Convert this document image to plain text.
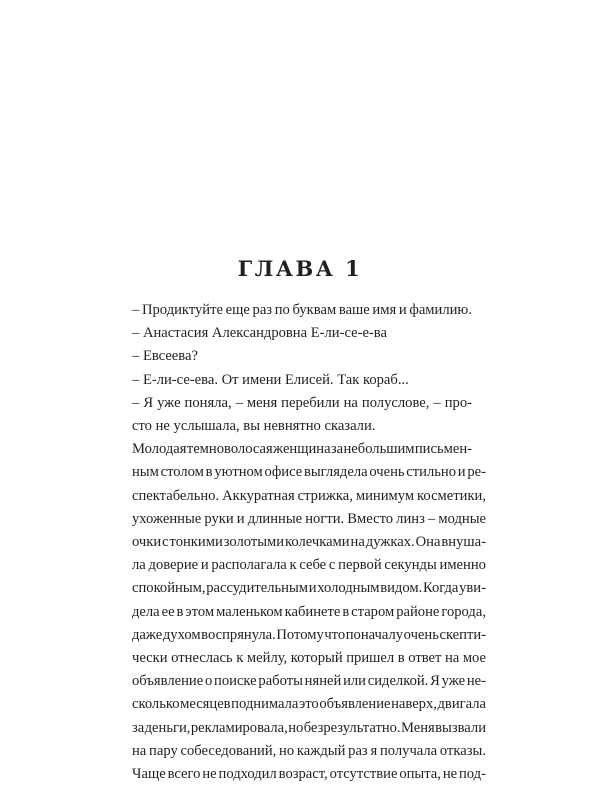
ГЛАВА 1

– Продиктуйте еще раз по буквам ваше имя и фамилию.

– Анастасия Александровна Е-ли-се-е-ва

– Евсеева?

– Е-ли-се-ева. От имени Елисей. Так кораб...

– Я уже поняла, – меня перебили на полуслове, – про-
сто не услышала, вы невнятно сказали.

Молодая темноволосая женщина за небольшим письмен-
ным столом в уютном офисе выглядела очень стильно и ре-
спектабельно. Аккуратная стрижка, минимум косметики,
ухоженные руки и длинные ногти. Вместо линз – модные
очки с тонкими золотыми колечками на дужках. Она внуша-
ла доверие и располагала к себе с первой секунды именно
спокойным, рассудительным и холодным видом. Когда уви-
дела ее в этом маленьком кабинете в старом районе города,
даже духом воспрянула. Потому что поначалу очень скепти-
чески отнеслась к мейлу, который пришел в ответ на мое
объявление о поиске работы няней или сиделкой. Я уже не-
сколько месяцев поднимала это объявление наверх, двигала
за деньги, рекламировала, но безрезультатно. Меня вызвали
на пару собеседований, но каждый раз я получала отказы.
Чаще всего не подходил возраст, отсутствие опыта, не под-
